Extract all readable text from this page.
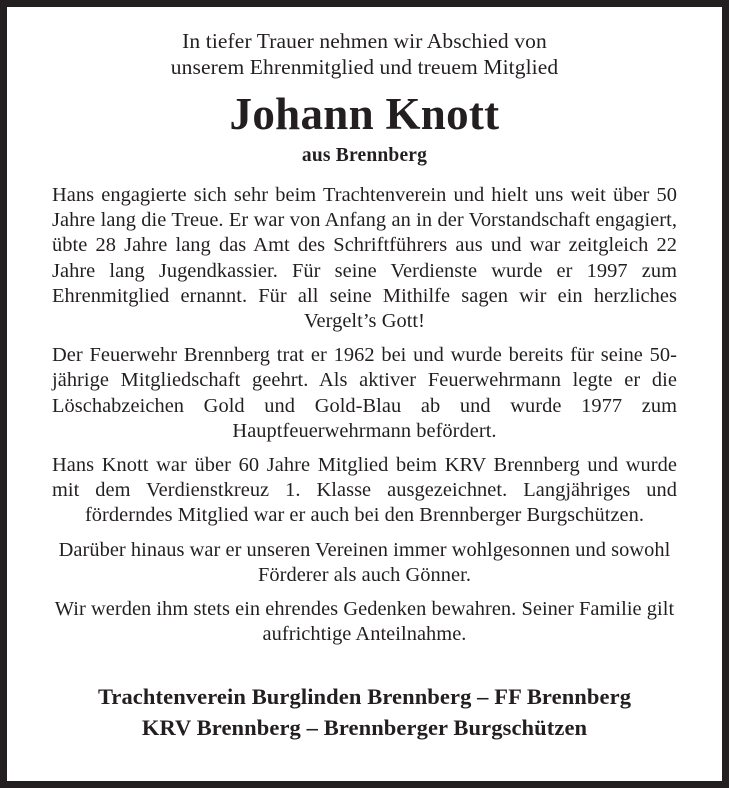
In tiefer Trauer nehmen wir Abschied von
unserem Ehrenmitglied und treuem Mitglied
Johann Knott
aus Brennberg

Hans engagierte sich sehr beim Trachtenverein und hielt uns weit über 50 Jahre lang die Treue. Er war von Anfang an in der Vorstandschaft engagiert, übte 28 Jahre lang das Amt des Schriftführers aus und war zeitgleich 22 Jahre lang Jugendkassier. Für seine Verdienste wurde er 1997 zum Ehrenmitglied ernannt. Für all seine Mithilfe sagen wir ein herzliches Vergelt’s Gott!

Der Feuerwehr Brennberg trat er 1962 bei und wurde bereits für seine 50-jährige Mitgliedschaft geehrt. Als aktiver Feuerwehrmann legte er die Löschabzeichen Gold und Gold-Blau ab und wurde 1977 zum Hauptfeuerwehrmann befördert.

Hans Knott war über 60 Jahre Mitglied beim KRV Brennberg und wurde mit dem Verdienstkreuz 1. Klasse ausgezeichnet. Langjähriges und förderndes Mitglied war er auch bei den Brennberger Burgschützen.

Darüber hinaus war er unseren Vereinen immer wohlgesonnen und sowohl Förderer als auch Gönner.

Wir werden ihm stets ein ehrendes Gedenken bewahren. Seiner Familie gilt aufrichtige Anteilnahme.

Trachtenverein Burglinden Brennberg – FF Brennberg
KRV Brennberg – Brennberger Burgschützen
